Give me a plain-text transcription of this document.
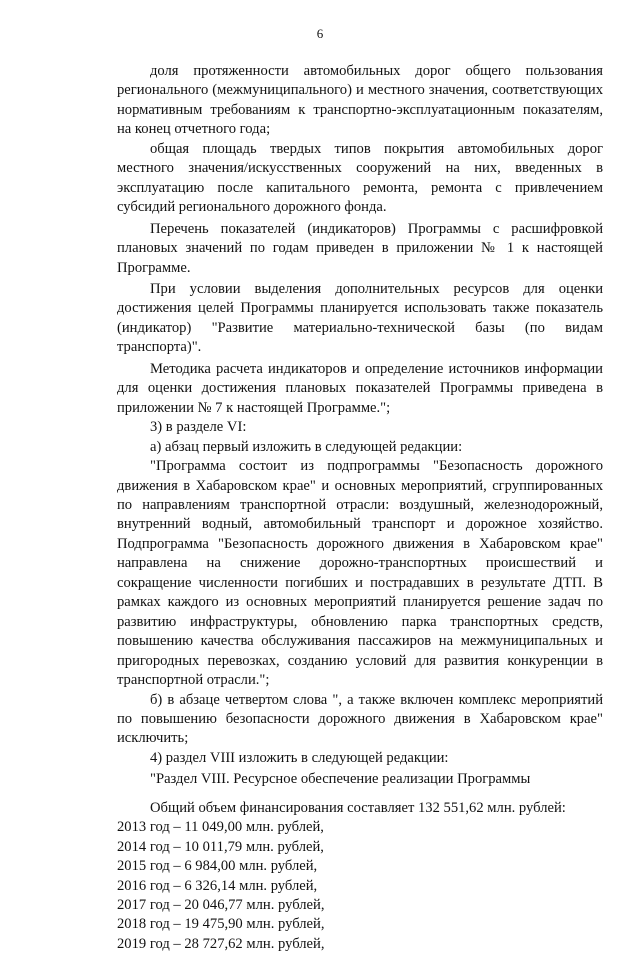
6

доля протяженности автомобильных дорог общего пользования регионального (межмуниципального) и местного значения, соответствующих нормативным требованиям к транспортно-эксплуатационным показателям, на конец отчетного года;

общая площадь твердых типов покрытия автомобильных дорог местного значения/искусственных сооружений на них, введенных в эксплуатацию после капитального ремонта, ремонта с привлечением субсидий регионального дорожного фонда.

Перечень показателей (индикаторов) Программы с расшифровкой плановых значений по годам приведен в приложении № 1 к настоящей Программе.

При условии выделения дополнительных ресурсов для оценки достижения целей Программы планируется использовать также показатель (индикатор) "Развитие материально-технической базы (по видам транспорта)".

Методика расчета индикаторов и определение источников информации для оценки достижения плановых показателей Программы приведена в приложении № 7 к настоящей Программе.";

3) в разделе VI:

а) абзац первый изложить в следующей редакции:

"Программа состоит из подпрограммы "Безопасность дорожного движения в Хабаровском крае" и основных мероприятий, сгруппированных по направлениям транспортной отрасли: воздушный, железнодорожный, внутренний водный, автомобильный транспорт и дорожное хозяйство. Подпрограмма "Безопасность дорожного движения в Хабаровском крае" направлена на снижение дорожно-транспортных происшествий и сокращение численности погибших и пострадавших в результате ДТП. В рамках каждого из основных мероприятий планируется решение задач по развитию инфраструктуры, обновлению парка транспортных средств, повышению качества обслуживания пассажиров на межмуниципальных и пригородных перевозках, созданию условий для развития конкуренции в транспортной отрасли.";

б) в абзаце четвертом слова ", а также включен комплекс мероприятий по повышению безопасности дорожного движения в Хабаровском крае" исключить;

4) раздел VIII изложить в следующей редакции:

"Раздел VIII. Ресурсное обеспечение реализации Программы

Общий объем финансирования составляет 132 551,62 млн. рублей:

2013 год – 11 049,00 млн. рублей,
2014 год – 10 011,79 млн. рублей,
2015 год – 6 984,00 млн. рублей,
2016 год – 6 326,14 млн. рублей,
2017 год – 20 046,77 млн. рублей,
2018 год – 19 475,90 млн. рублей,
2019 год – 28 727,62 млн. рублей,
